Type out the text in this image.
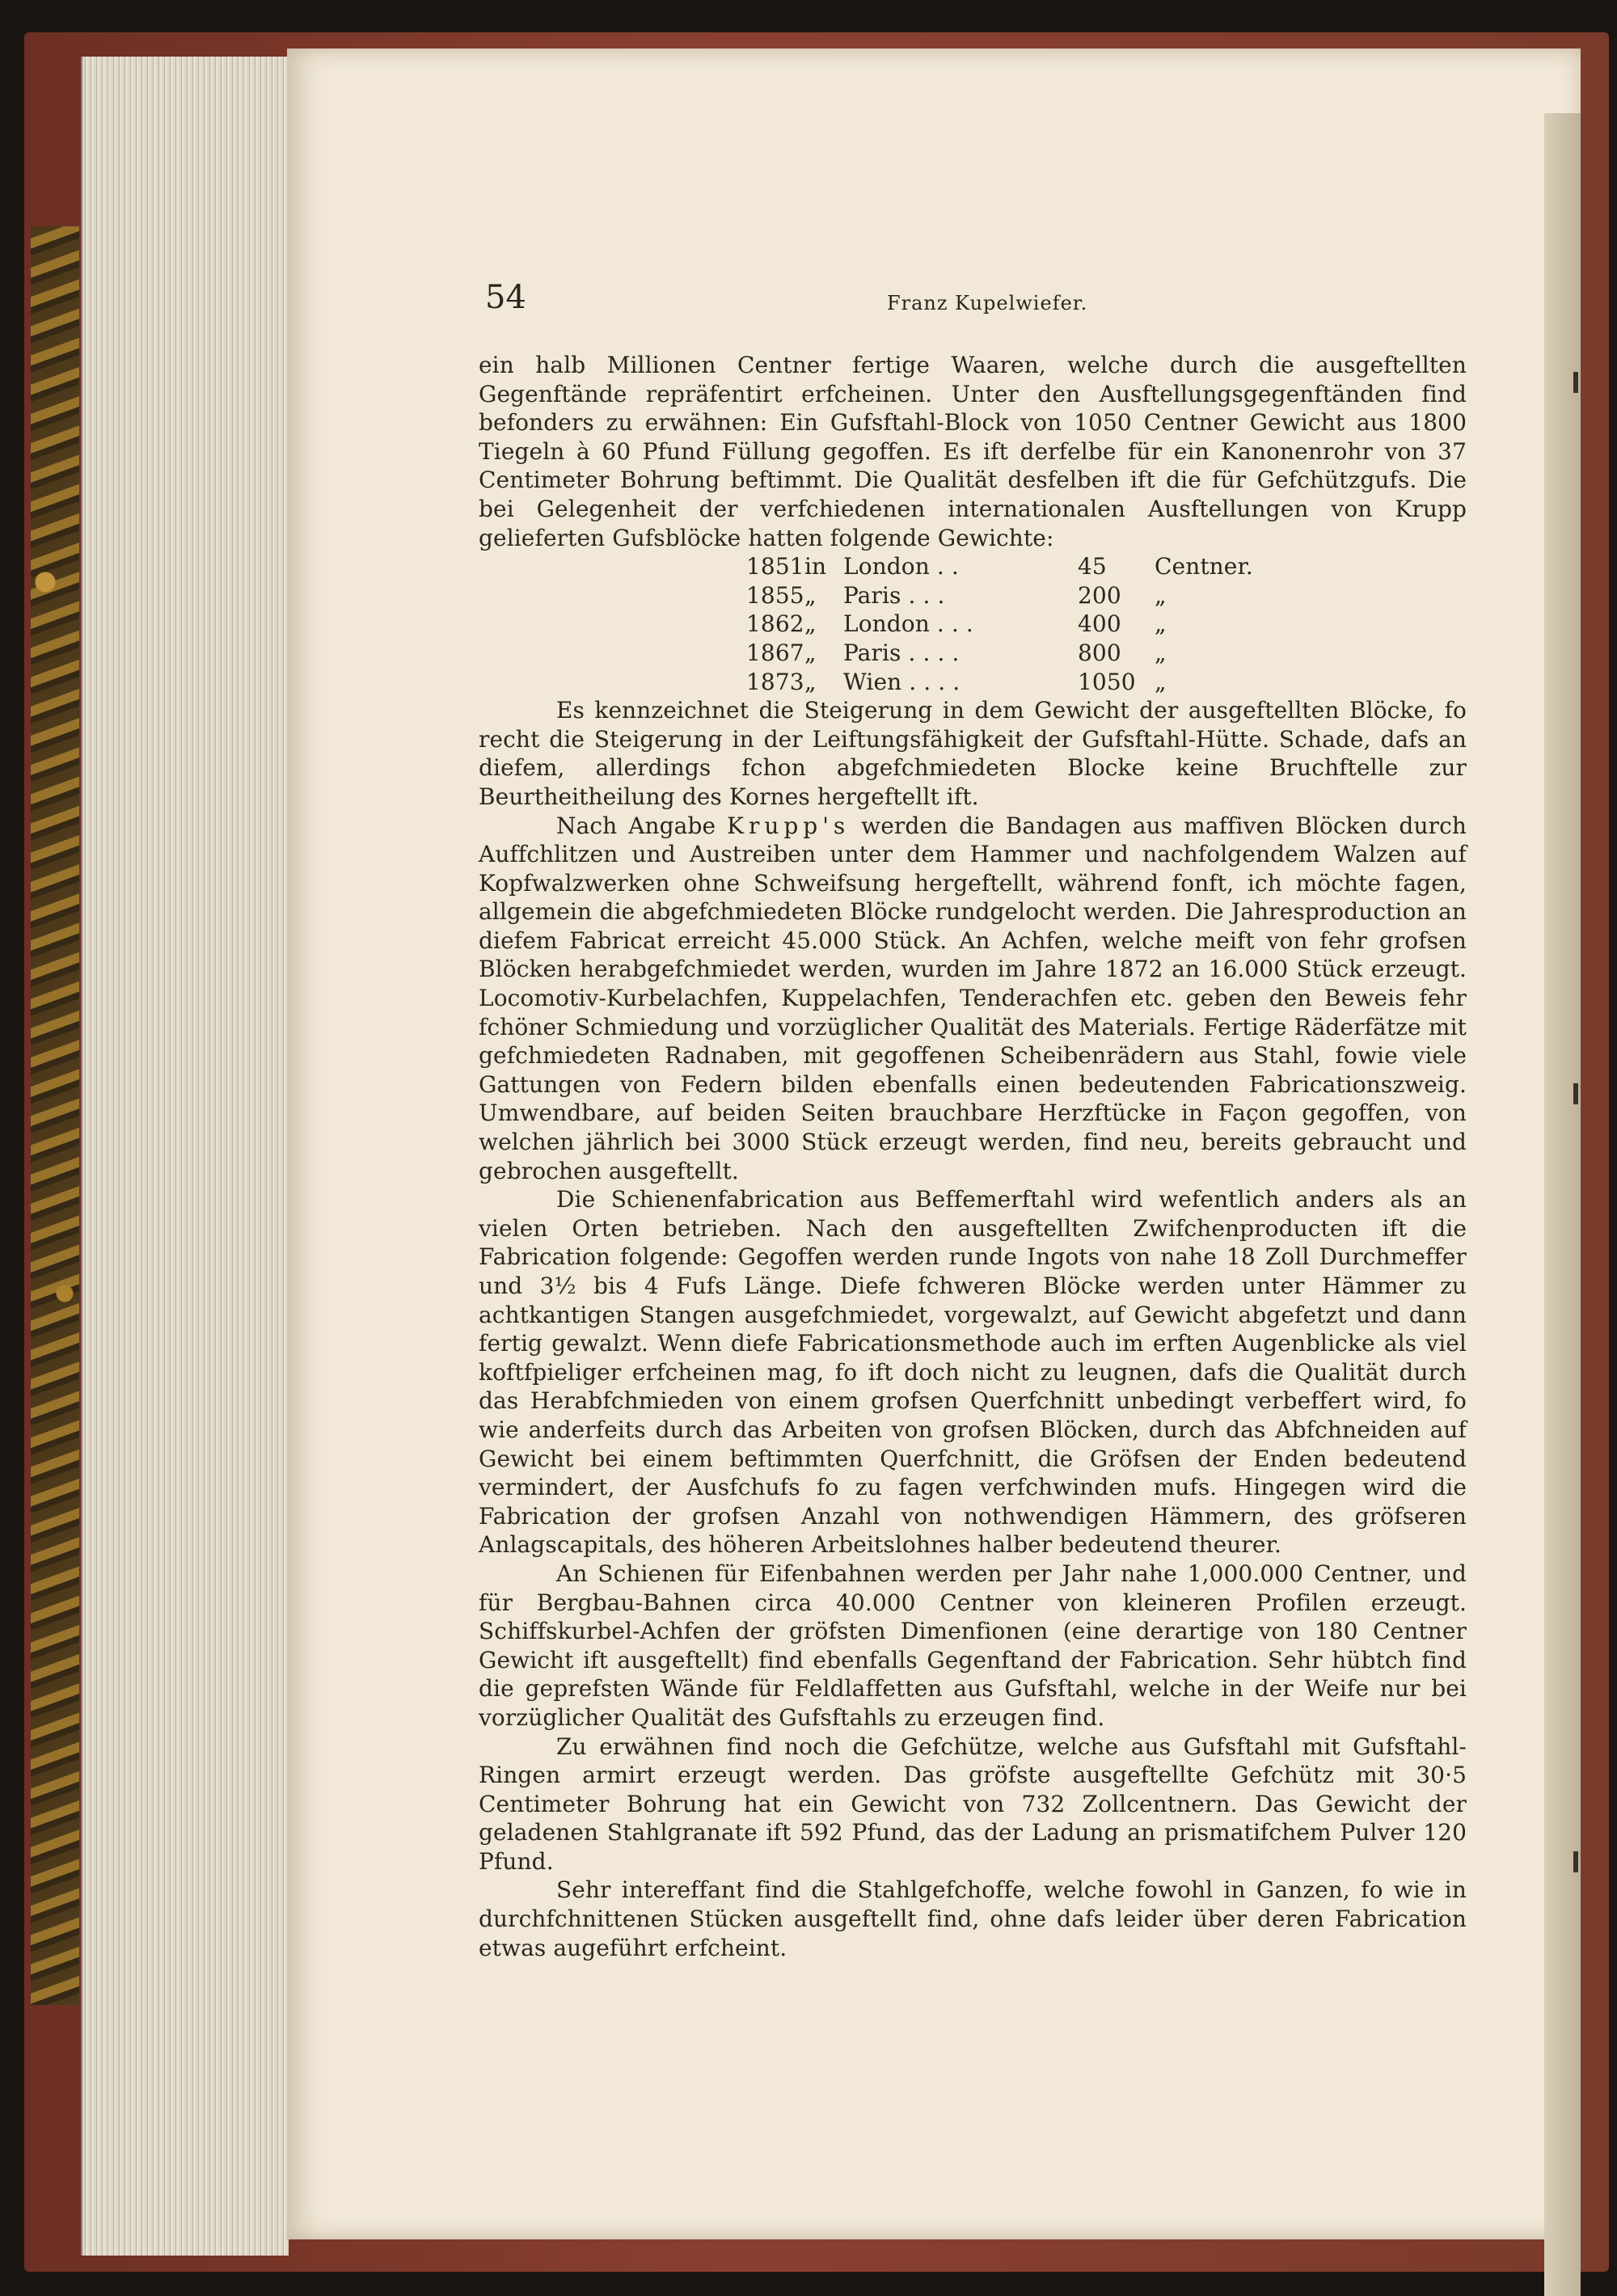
54	Franz Kupelwiefer.

ein halb Millionen Centner fertige Waaren, welche durch die ausgeftellten Gegenftände repräfentirt erfcheinen. Unter den Ausftellungsgegenftänden find befonders zu erwähnen: Ein Gufsftahl-Block von 1050 Centner Gewicht aus 1800 Tiegeln à 60 Pfund Füllung gegoffen. Es ift derfelbe für ein Kanonenrohr von 37 Centimeter Bohrung beftimmt. Die Qualität desfelben ift die für Gefchützgufs. Die bei Gelegenheit der verfchiedenen internationalen Ausftellungen von Krupp gelieferten Gufsblöcke hatten folgende Gewichte:

1851 in London . .	45	Centner.
1855 „	Paris . . .	200	„
1862 „	London . . .	400	„
1867 „	Paris . . . .	800	„
1873 „	Wien . . . .	1050 „

Es kennzeichnet die Steigerung in dem Gewicht der ausgeftellten Blöcke, fo recht die Steigerung in der Leiftungsfähigkeit der Gufsftahl-Hütte. Schade, dafs an diefem, allerdings fchon abgefchmiedeten Blocke keine Bruchftelle zur Beurtheitheilung des Kornes hergeftellt ift.

Nach Angabe Krupp's werden die Bandagen aus maffiven Blöcken durch Auffchlitzen und Austreiben unter dem Hammer und nachfolgendem Walzen auf Kopfwalzwerken ohne Schweifsung hergeftellt, während fonft, ich möchte fagen, allgemein die abgefchmiedeten Blöcke rundgelocht werden. Die Jahresproduction an diefem Fabricat erreicht 45.000 Stück. An Achfen, welche meift von fehr grofsen Blöcken herabgefchmiedet werden, wurden im Jahre 1872 an 16.000 Stück erzeugt. Locomotiv-Kurbelachfen, Kuppelachfen, Tenderachfen etc. geben den Beweis fehr fchöner Schmiedung und vorzüglicher Qualität des Materials. Fertige Räderfätze mit gefchmiedeten Radnaben, mit gegoffenen Scheibenrädern aus Stahl, fowie viele Gattungen von Federn bilden ebenfalls einen bedeutenden Fabricationszweig. Umwendbare, auf beiden Seiten brauchbare Herzftücke in Façon gegoffen, von welchen jährlich bei 3000 Stück erzeugt werden, find neu, bereits gebraucht und gebrochen ausgeftellt.

Die Schienenfabrication aus Beffemerftahl wird wefentlich anders als an vielen Orten betrieben. Nach den ausgeftellten Zwifchenproducten ift die Fabrication folgende: Gegoffen werden runde Ingots von nahe 18 Zoll Durchmeffer und 3½ bis 4 Fufs Länge. Diefe fchweren Blöcke werden unter Hämmer zu achtkantigen Stangen ausgefchmiedet, vorgewalzt, auf Gewicht abgefetzt und dann fertig gewalzt. Wenn diefe Fabricationsmethode auch im erften Augenblicke als viel koftfpieliger erfcheinen mag, fo ift doch nicht zu leugnen, dafs die Qualität durch das Herabfchmieden von einem grofsen Querfchnitt unbedingt verbeffert wird, fo wie anderfeits durch das Arbeiten von grofsen Blöcken, durch das Abfchneiden auf Gewicht bei einem beftimmten Querfchnitt, die Gröfsen der Enden bedeutend vermindert, der Ausfchufs fo zu fagen verfchwinden mufs. Hingegen wird die Fabrication der grofsen Anzahl von nothwendigen Hämmern, des gröfseren Anlagscapitals, des höheren Arbeitslohnes halber bedeutend theurer.

An Schienen für Eifenbahnen werden per Jahr nahe 1,000.000 Centner, und für Bergbau-Bahnen circa 40.000 Centner von kleineren Profilen erzeugt. Schiffskurbel-Achfen der gröfsten Dimenfionen (eine derartige von 180 Centner Gewicht ift ausgeftellt) find ebenfalls Gegenftand der Fabrication. Sehr hübtch find die geprefsten Wände für Feldlaffetten aus Gufsftahl, welche in der Weife nur bei vorzüglicher Qualität des Gufsftahls zu erzeugen find.

Zu erwähnen find noch die Gefchütze, welche aus Gufsftahl mit Gufsftahl-Ringen armirt erzeugt werden. Das gröfste ausgeftellte Gefchütz mit 30·5 Centimeter Bohrung hat ein Gewicht von 732 Zollcentnern. Das Gewicht der geladenen Stahlgranate ift 592 Pfund, das der Ladung an prismatifchem Pulver 120 Pfund.

Sehr intereffant find die Stahlgefchoffe, welche fowohl in Ganzen, fo wie in durchfchnittenen Stücken ausgeftellt find, ohne dafs leider über deren Fabrication etwas augeführt erfcheint.
